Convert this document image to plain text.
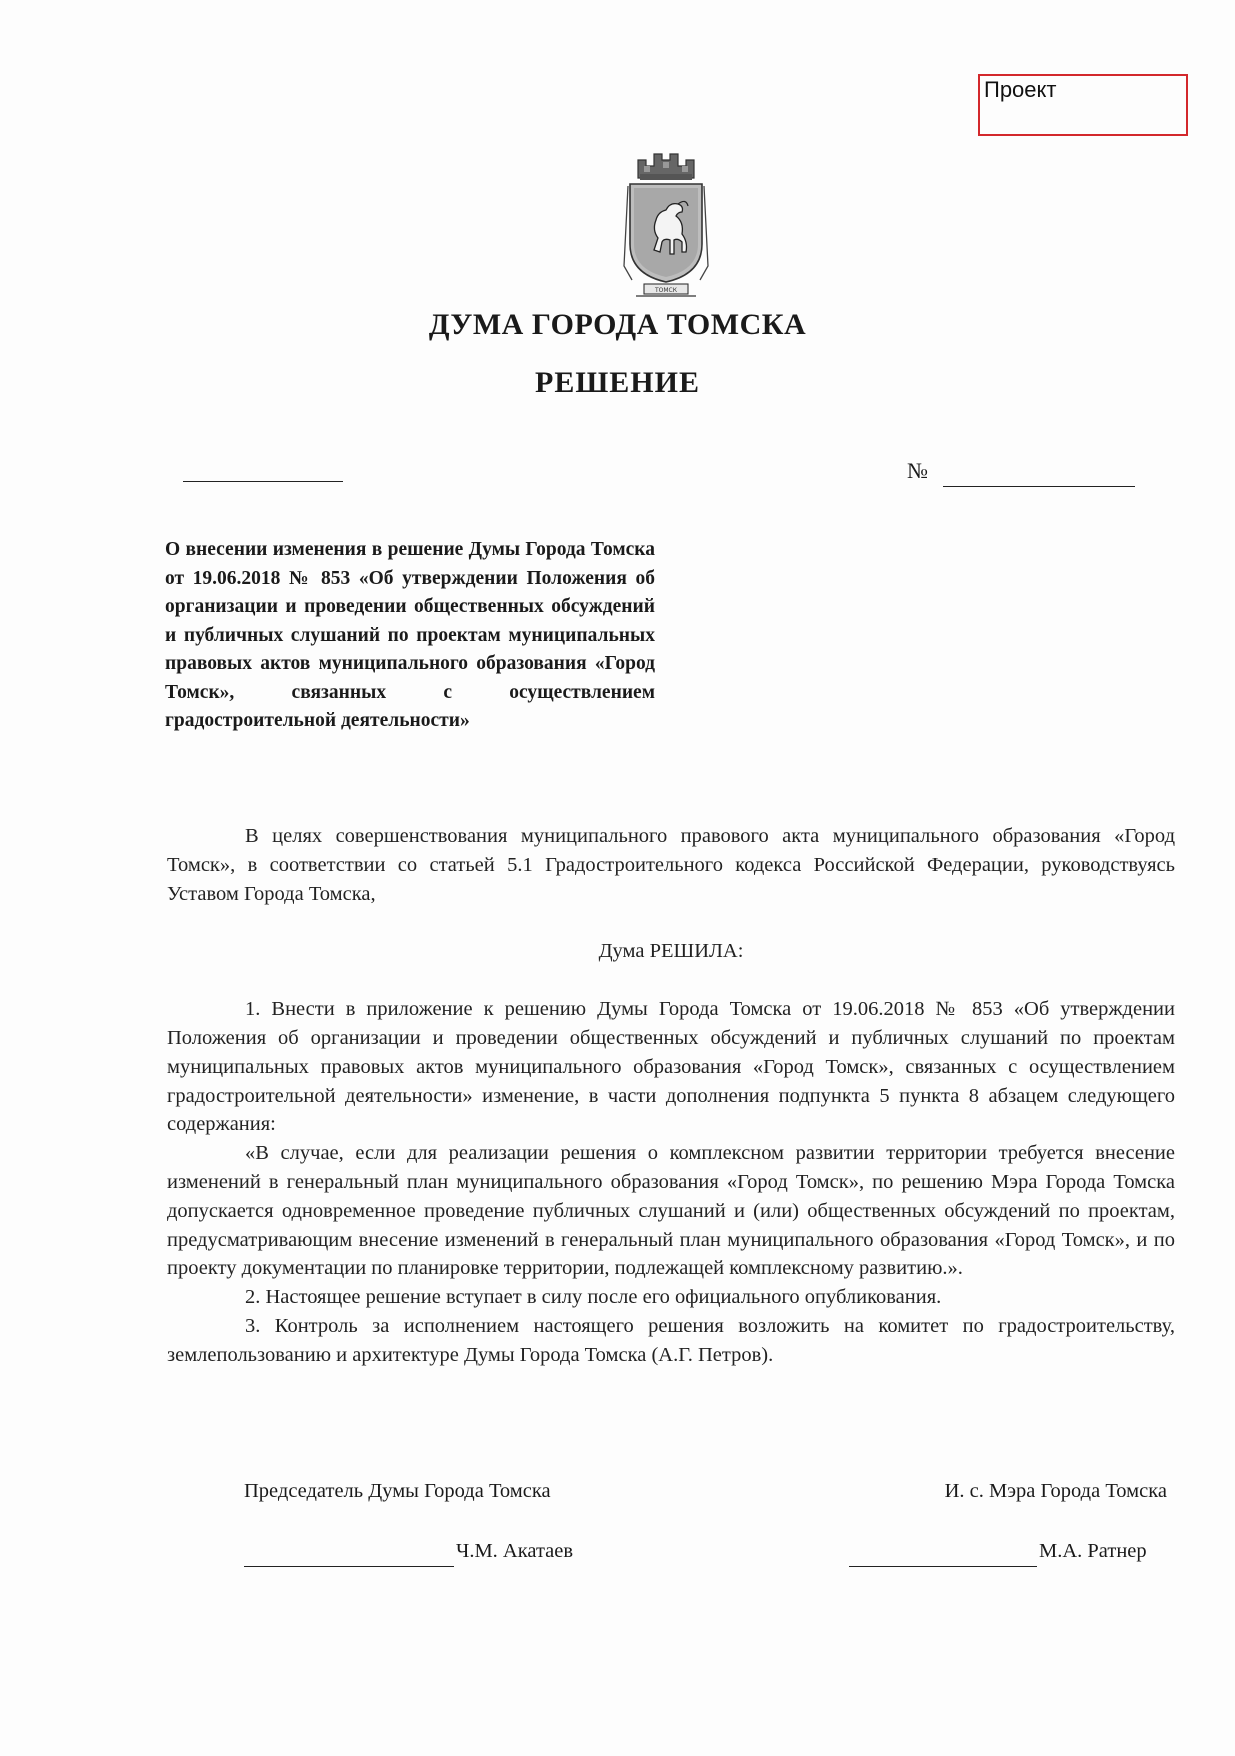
Проект
ТОМСК
ДУМА ГОРОДА ТОМСКА
РЕШЕНИЕ
№
О внесении изменения в решение Думы Города Томска от 19.06.2018 № 853 «Об утверждении Положения об организации и проведении общественных обсуждений и публичных слушаний по проектам муниципальных правовых актов муниципального образования «Город Томск», связанных с осуществлением градостроительной деятельности»

В целях совершенствования муниципального правового акта муниципального образования «Город Томск», в соответствии со статьей 5.1 Градостроительного кодекса Российской Федерации, руководствуясь Уставом Города Томска,

Дума РЕШИЛА:

1. Внести в приложение к решению Думы Города Томска от 19.06.2018 № 853 «Об утверждении Положения об организации и проведении общественных обсуждений и публичных слушаний по проектам муниципальных правовых актов муниципального образования «Город Томск», связанных с осуществлением градостроительной деятельности» изменение, в части дополнения подпункта 5 пункта 8 абзацем следующего содержания:

«В случае, если для реализации решения о комплексном развитии территории требуется внесение изменений в генеральный план муниципального образования «Город Томск», по решению Мэра Города Томска допускается одновременное проведение публичных слушаний и (или) общественных обсуждений по проектам, предусматривающим внесение изменений в генеральный план муниципального образования «Город Томск», и по проекту документации по планировке территории, подлежащей комплексному развитию.».

2. Настоящее решение вступает в силу после его официального опубликования.

3. Контроль за исполнением настоящего решения возложить на комитет по градостроительству, землепользованию и архитектуре Думы Города Томска (А.Г. Петров).

Председатель Думы Города Томска	И. с. Мэра Города Томска
Ч.М. Акатаев	М.А. Ратнер
